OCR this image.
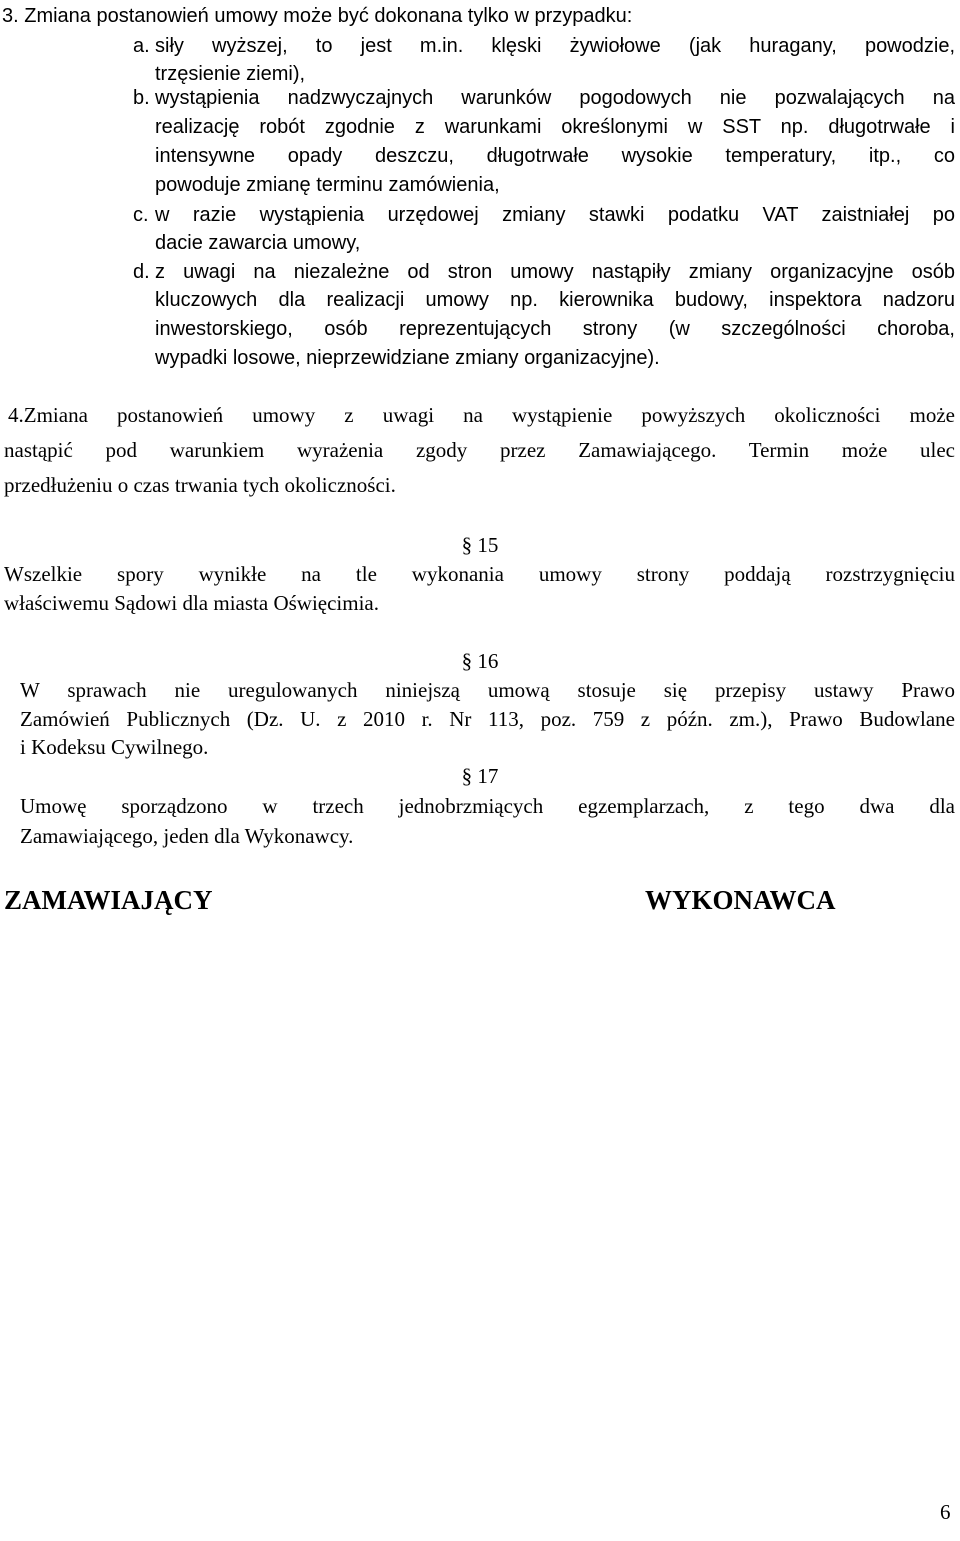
3. Zmiana postanowień umowy może być dokonana tylko w przypadku:
a. siły wyższej, to jest m.in. klęski żywiołowe (jak huragany, powodzie,
trzęsienie ziemi),
b. wystąpienia nadzwyczajnych warunków pogodowych nie pozwalających na
realizację robót zgodnie z warunkami określonymi w SST np. długotrwałe i
intensywne opady deszczu, długotrwałe wysokie temperatury, itp., co
powoduje zmianę terminu zamówienia,
c. w razie wystąpienia urzędowej zmiany stawki podatku VAT zaistniałej po
dacie zawarcia umowy,
d. z uwagi na niezależne od stron umowy nastąpiły zmiany organizacyjne osób
kluczowych dla realizacji umowy np. kierownika budowy, inspektora nadzoru
inwestorskiego, osób reprezentujących strony (w szczególności choroba,
wypadki losowe, nieprzewidziane zmiany organizacyjne).
4.Zmiana postanowień umowy z uwagi na wystąpienie powyższych okoliczności może
nastąpić pod warunkiem wyrażenia zgody przez Zamawiającego. Termin może ulec
przedłużeniu o czas trwania tych okoliczności.
§ 15
Wszelkie spory wynikłe na tle wykonania umowy strony poddają rozstrzygnięciu
właściwemu Sądowi dla miasta Oświęcimia.
§ 16
W sprawach nie uregulowanych niniejszą umową stosuje się przepisy ustawy Prawo
Zamówień Publicznych (Dz. U. z 2010 r. Nr 113, poz. 759 z późn. zm.), Prawo Budowlane
i Kodeksu Cywilnego.
§ 17
Umowę sporządzono w trzech jednobrzmiących egzemplarzach, z tego dwa dla
Zamawiającego, jeden dla Wykonawcy.
ZAMAWIAJĄCY	WYKONAWCA
6
